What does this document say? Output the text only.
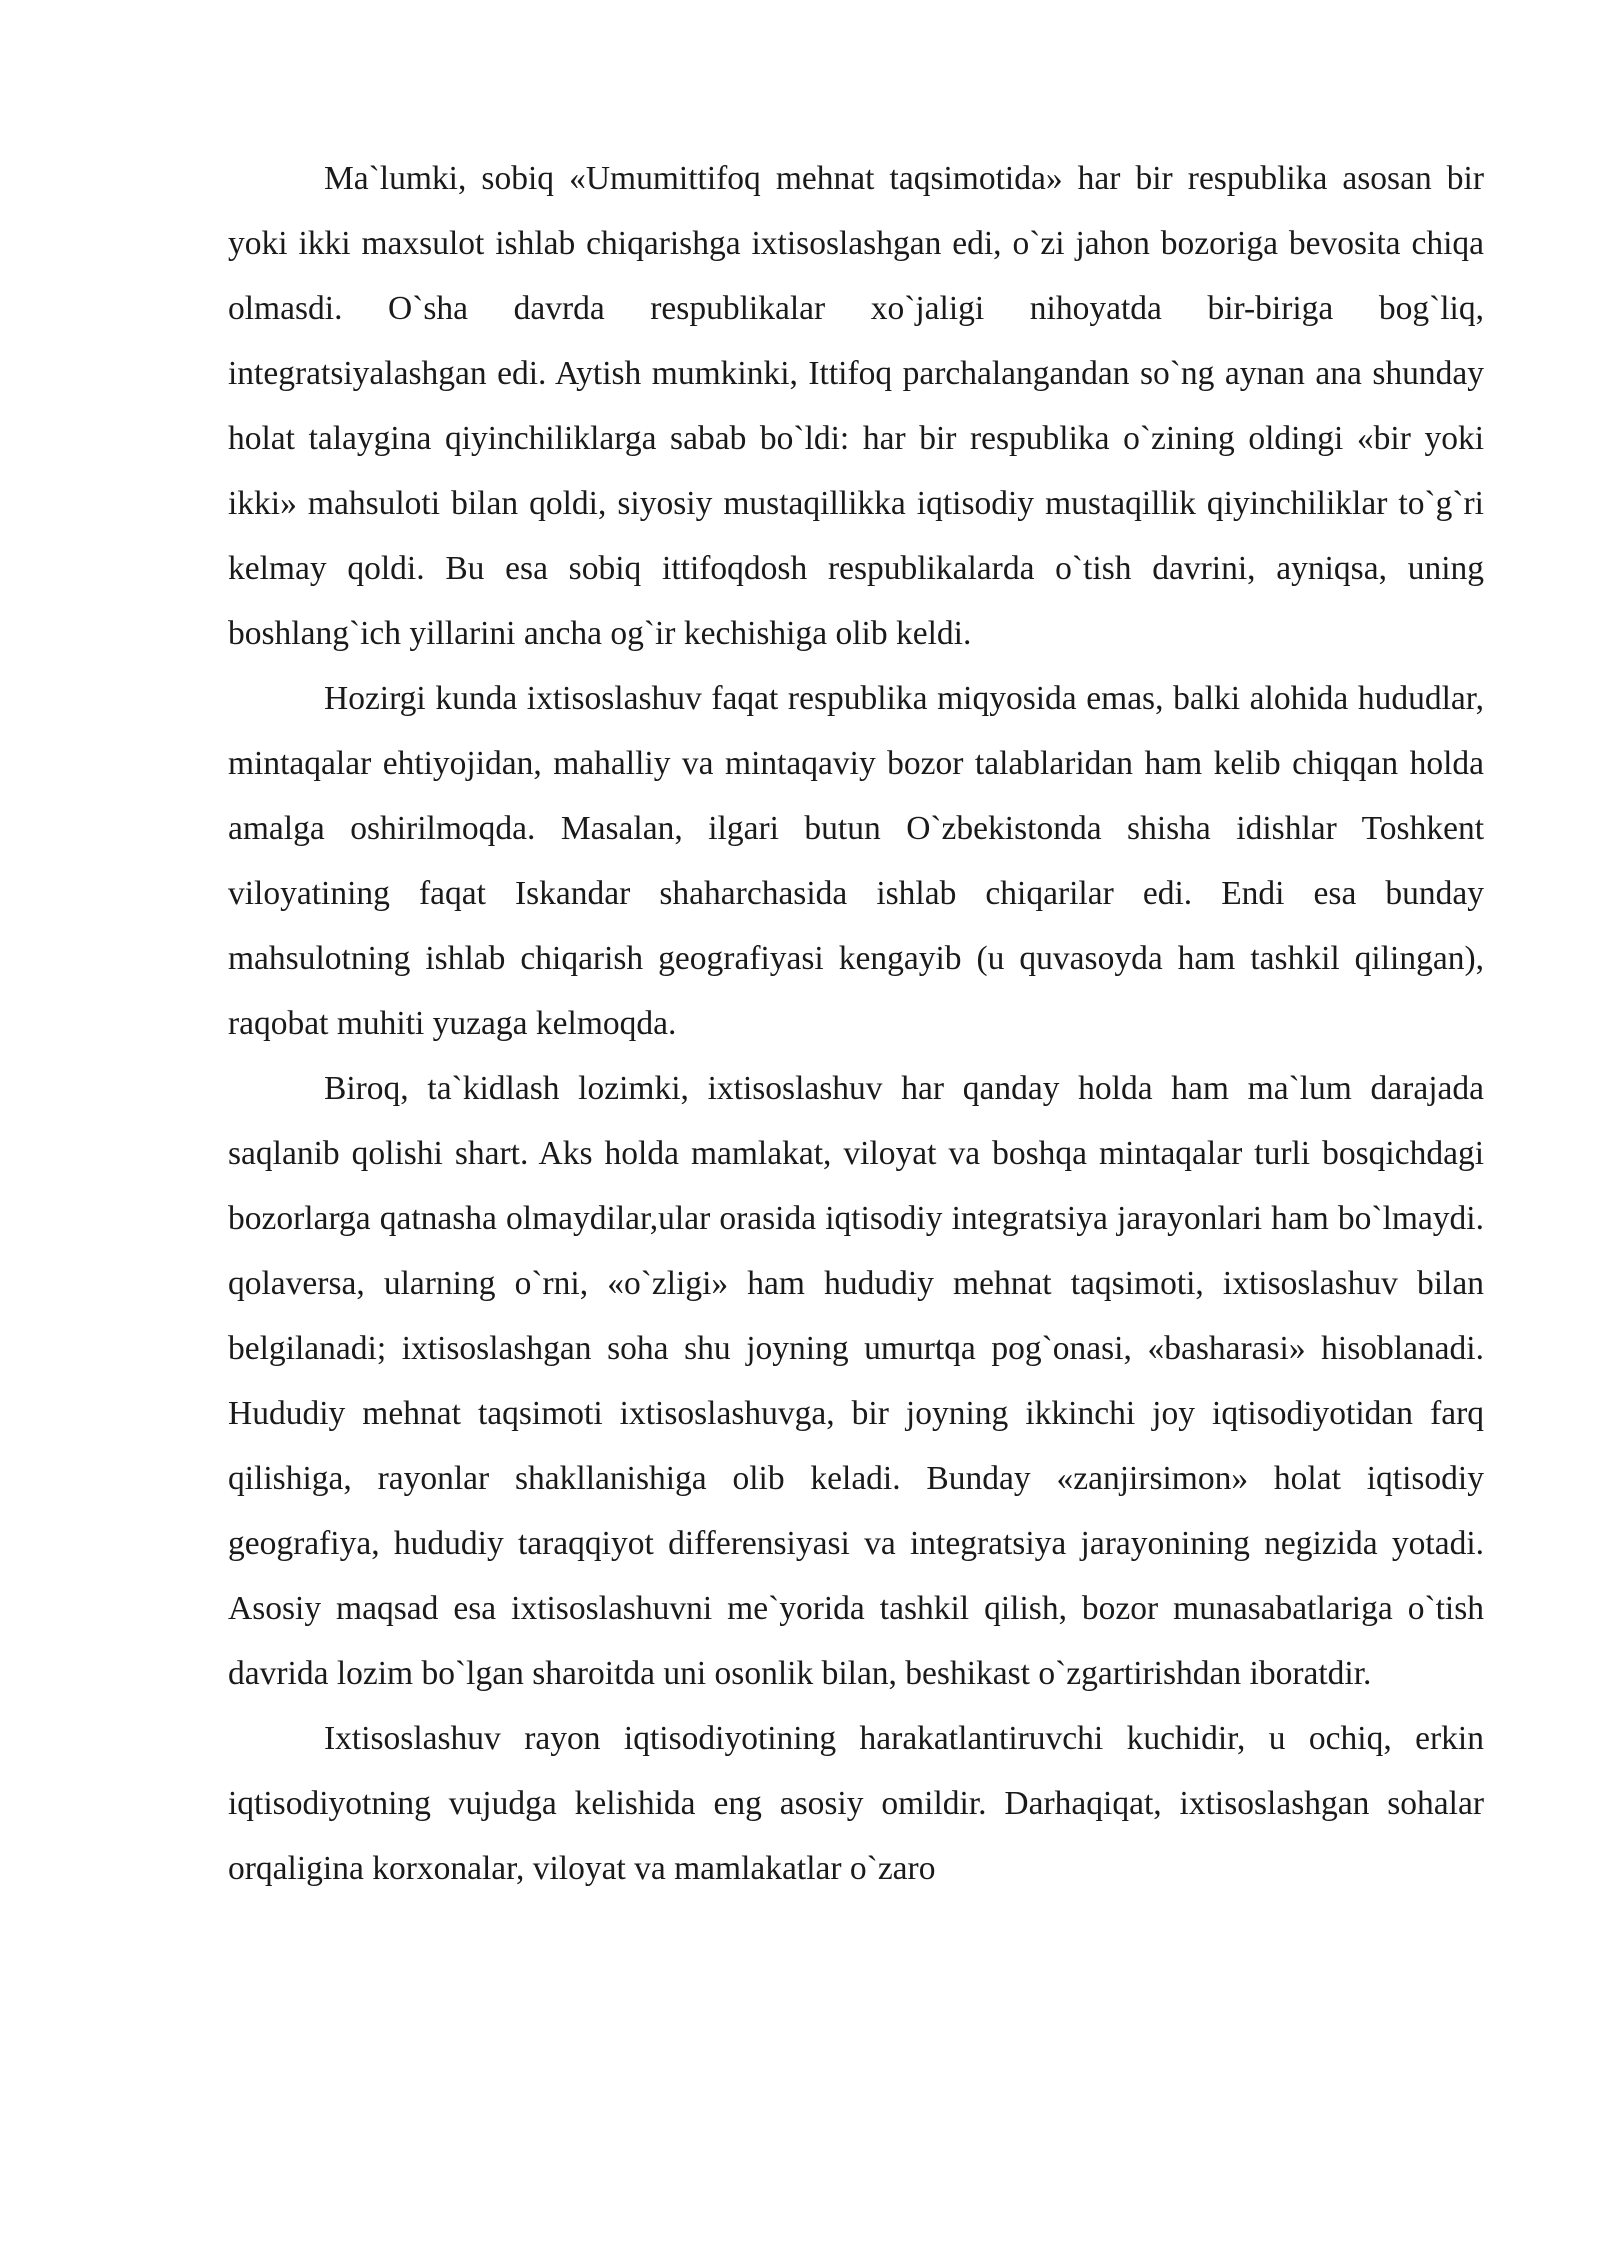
Ma`lumki, sobiq «Umumittifoq mehnat taqsimotida» har bir respublika asosan bir yoki ikki maxsulot ishlab chiqarishga ixtisoslashgan edi, o`zi jahon bozoriga bevosita chiqa olmasdi. O`sha davrda respublikalar xo`jaligi nihoyatda bir-biriga bog`liq, integratsiyalashgan edi. Aytish mumkinki, Ittifoq parchalangandan so`ng aynan ana shunday holat talaygina qiyinchiliklarga sabab bo`ldi: har bir respublika o`zining oldingi «bir yoki ikki» mahsuloti bilan qoldi, siyosiy mustaqillikka iqtisodiy mustaqillik qiyinchiliklar to`g`ri kelmay qoldi. Bu esa sobiq ittifoqdosh respublikalarda o`tish davrini, ayniqsa, uning boshlang`ich yillarini ancha og`ir kechishiga olib keldi.

Hozirgi kunda ixtisoslashuv faqat respublika miqyosida emas, balki alohida hududlar, mintaqalar ehtiyojidan, mahalliy va mintaqaviy bozor talablaridan ham kelib chiqqan holda amalga oshirilmoqda. Masalan, ilgari butun O`zbekistonda shisha idishlar Toshkent viloyatining faqat Iskandar shaharchasida ishlab chiqarilar edi. Endi esa bunday mahsulotning ishlab chiqarish geografiyasi kengayib (u quvasoyda ham tashkil qilingan), raqobat muhiti yuzaga kelmoqda.

Biroq, ta`kidlash lozimki, ixtisoslashuv har qanday holda ham ma`lum darajada saqlanib qolishi shart. Aks holda mamlakat, viloyat va boshqa mintaqalar turli bosqichdagi bozorlarga qatnasha olmaydilar,ular orasida iqtisodiy integratsiya jarayonlari ham bo`lmaydi. qolaversa, ularning o`rni, «o`zligi» ham hududiy mehnat taqsimoti, ixtisoslashuv bilan belgilanadi; ixtisoslashgan soha shu joyning umurtqa pog`onasi, «basharasi» hisoblanadi. Hududiy mehnat taqsimoti ixtisoslashuvga, bir joyning ikkinchi joy iqtisodiyotidan farq qilishiga, rayonlar shakllanishiga olib keladi. Bunday «zanjirsimon» holat iqtisodiy geografiya, hududiy taraqqiyot differensiyasi va integratsiya jarayonining negizida yotadi. Asosiy maqsad esa ixtisoslashuvni me`yorida tashkil qilish, bozor munasabatlariga o`tish davrida lozim bo`lgan sharoitda uni osonlik bilan, beshikast o`zgartirishdan iboratdir.

Ixtisoslashuv rayon iqtisodiyotining harakatlantiruvchi kuchidir, u ochiq, erkin iqtisodiyotning vujudga kelishida eng asosiy omildir. Darhaqiqat, ixtisoslashgan sohalar orqaligina korxonalar, viloyat va mamlakatlar o`zaro
